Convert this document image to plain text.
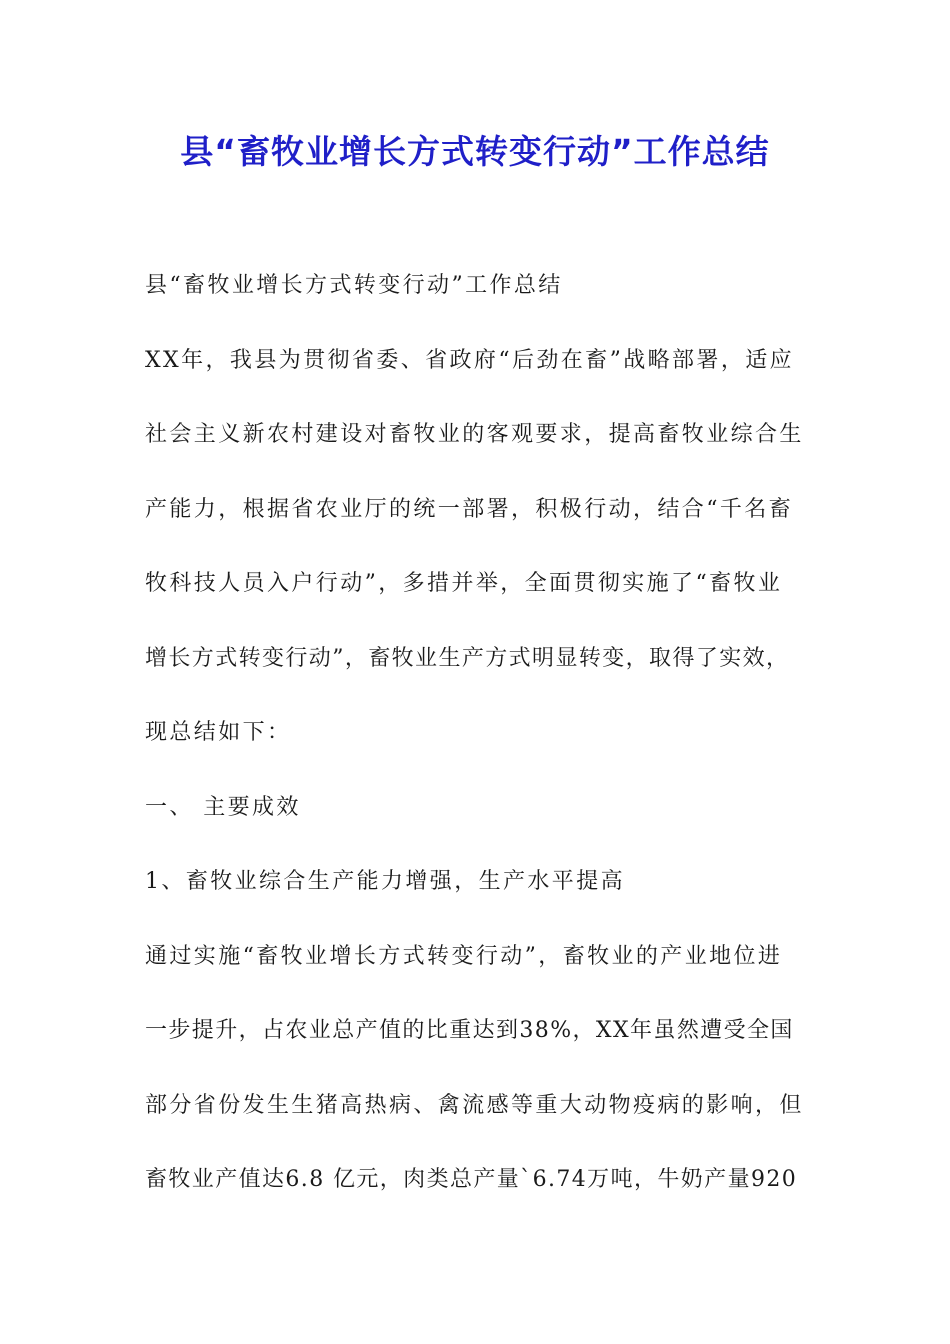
县“畜牧业增长方式转变行动”工作总结
县“畜牧业增长方式转变行动”工作总结
XX年，我县为贯彻省委、省政府“后劲在畜”战略部署，适应
社会主义新农村建设对畜牧业的客观要求，提高畜牧业综合生
产能力，根据省农业厅的统一部署，积极行动，结合“千名畜
牧科技人员入户行动”，多措并举，全面贯彻实施了“畜牧业
增长方式转变行动”，畜牧业生产方式明显转变，取得了实效，
现总结如下：
一、 主要成效
1、畜牧业综合生产能力增强，生产水平提高
通过实施“畜牧业增长方式转变行动”，畜牧业的产业地位进
一步提升，占农业总产值的比重达到38%，XX年虽然遭受全国
部分省份发生生猪高热病、禽流感等重大动物疫病的影响，但
畜牧业产值达6.8 亿元，肉类总产量`6.74万吨，牛奶产量920
